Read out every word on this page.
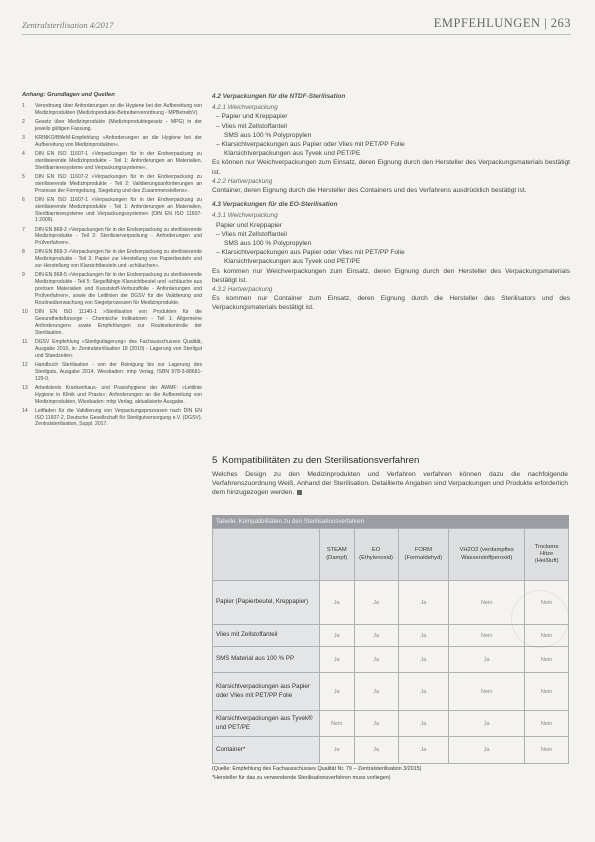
Zentralsterilisation 4/2017	EMPFEHLUNGEN | 263
Anhang: Grundlagen und Quellen
1	Verordnung über Anforderungen an die Hygiene bei der Aufbereitung von Medizinprodukten (Medizinprodukte-Betreiberverordnung - MPBetreibV).
2	Gesetz über Medizinprodukte (Medizinproduktegesetz - MPG) in der jeweils gültigen Fassung.
3	KRINKO/BfArM-Empfehlung »Anforderungen an die Hygiene bei der Aufbereitung von Medizinprodukten«.
4	DIN EN ISO 11607-1 »Verpackungen für in der Endverpackung zu sterilisierende Medizinprodukte - Teil 1: Anforderungen an Materialien, Sterilbarrieresysteme und Verpackungssysteme«.
5	DIN EN ISO 11607-2 »Verpackungen für in der Endverpackung zu sterilisierende Medizinprodukte - Teil 2: Validierungsanforderungen an Prozesse der Formgebung, Siegelung und des Zusammenstellens«.
6	DIN EN ISO 11607-1 »Verpackungen für in der Endverpackung zu sterilisierende Medizinprodukte - Teil 1: Anforderungen an Materialien, Sterilbarrieresysteme und Verpackungssysteme« (DIN EN ISO 11607-1:2009).
7	DIN EN 868-2 »Verpackungen für in der Endverpackung zu sterilisierende Medizinprodukte - Teil 2: Sterilisierverpackung - Anforderungen und Prüfverfahren«.
8	DIN EN 868-3 »Verpackungen für in der Endverpackung zu sterilisierende Medizinprodukte - Teil 3: Papier zur Herstellung von Papierbeuteln und zur Herstellung von Klarsichtbeuteln und -schläuchen«.
9	DIN EN 868-5 »Verpackungen für in der Endverpackung zu sterilisierende Medizinprodukte - Teil 5: Siegelfähige Klarsichtbeutel und -schläuche aus porösen Materialien und Kunststoff-Verbundfolie - Anforderungen und Prüfverfahren«, sowie die Leitlinien der DGSV für die Validierung und Routineüberwachung von Siegelprozessen für Medizinprodukte.
10	DIN EN ISO 11140-1 »Sterilisation von Produkten für die Gesundheitsfürsorge - Chemische Indikatoren - Teil 1: Allgemeine Anforderungen« sowie Empfehlungen zur Routinekontrolle der Sterilisation.
11	DGSV Empfehlung »Sterilgutlagerung« des Fachausschusses Qualität, Ausgabe 2010, in: Zentralsterilisation 18 (2010) - Lagerung von Sterilgut und Standzeiten.
12	Handbuch Sterilisation - von der Reinigung bis zur Lagerung des Sterilguts, Ausgabe 2014, Wiesbaden: mhp Verlag, ISBN 978-3-88681-129-0.
13	Arbeitskreis Krankenhaus- und Praxishygiene der AWMF: »Leitlinie Hygiene in Klinik und Praxis«; Anforderungen an die Aufbereitung von Medizinprodukten, Wiesbaden: mhp Verlag, aktualisierte Ausgabe.
14	Leitfaden für die Validierung von Verpackungsprozessen nach DIN EN ISO 11607-2, Deutsche Gesellschaft für Sterilgutversorgung e.V. (DGSV), Zentralsterilisation, Suppl. 2017.
4.2 Verpackungen für die NTDF-Sterilisation
4.2.1 Weichverpackung
– Papier und Kreppapier
– Vlies mit Zellstoffanteil
SMS aus 100 % Polypropylen
– Klarsichtverpackungen aus Papier oder Vlies mit PET/PP Folie
Klarsichtverpackungen aus Tyvek und PET/PE
Es können nur Weichverpackungen zum Einsatz, deren Eignung durch den Hersteller des Verpackungsmaterials bestätigt ist.
4.2.2 Hartverpackung
Container, deren Eignung durch die Hersteller des Containers und des Verfahrens ausdrücklich bestätigt ist.
4.3 Verpackungen für die EO-Sterilisation
4.3.1 Weichverpackung
Papier und Kreppapier
– Vlies mit Zellstoffanteil
SMS aus 100 % Polypropylen
– Klarsichtverpackungen aus Papier oder Vlies mit PET/PP Folie
Klarsichtverpackungen aus Tyvek und PET/PE
Es kommen nur Weichverpackungen zum Einsatz, deren Eignung durch den Hersteller des Verpackungsmaterials bestätigt ist.
4.3.2 Hartverpackung
Es kommen nur Container zum Einsatz, deren Eignung durch die Hersteller des Sterilisators und des Verpackungsmaterials bestätigt ist.
5 Kompatibilitäten zu den Sterilisationsverfahren
Welches Design zu den Medizinprodukten und Verfahren verfahren können dazu die nachfolgende Verfahrenszuordnung Weiß, Anhand der Sterilisation. Detaillierte Angaben sind Verpackungen und Produkte erforderlich dem hinzugezogen werden.
Tabelle: Kompatibilitäten zu den Sterilisationsverfahren
	STEAM (Dampf)	EO (Ethylenoxid)	FORM (Formaldehyd)	VH2O2 (verdampftes Wasserstoffperoxid)	Trockene Hitze (Heißluft)
Papier (Papierbeutel, Kreppapier)	Ja	Ja	Ja	Nein	Nein
Vlies mit Zellstoffanteil	Ja	Ja	Ja	Nein	Nein
SMS Material aus 100 % PP	Ja	Ja	Ja	Ja	Nein
Klarsichtverpackungen aus Papier oder Vlies mit PET/PP Folie	Ja	Ja	Ja	Nein	Nein
Klarsichtverpackungen aus Tyvek® und PET/PE	Nein	Ja	Ja	Ja	Nein
Container*	Ja	Ja	Ja	Ja	Nein
(Quelle: Empfehlung des Fachausschusses Qualität Nr. 79 – Zentralsterilisation 3/2015)
*Hersteller für das zu verwendende Sterilisationsverfahren muss vorliegen)
